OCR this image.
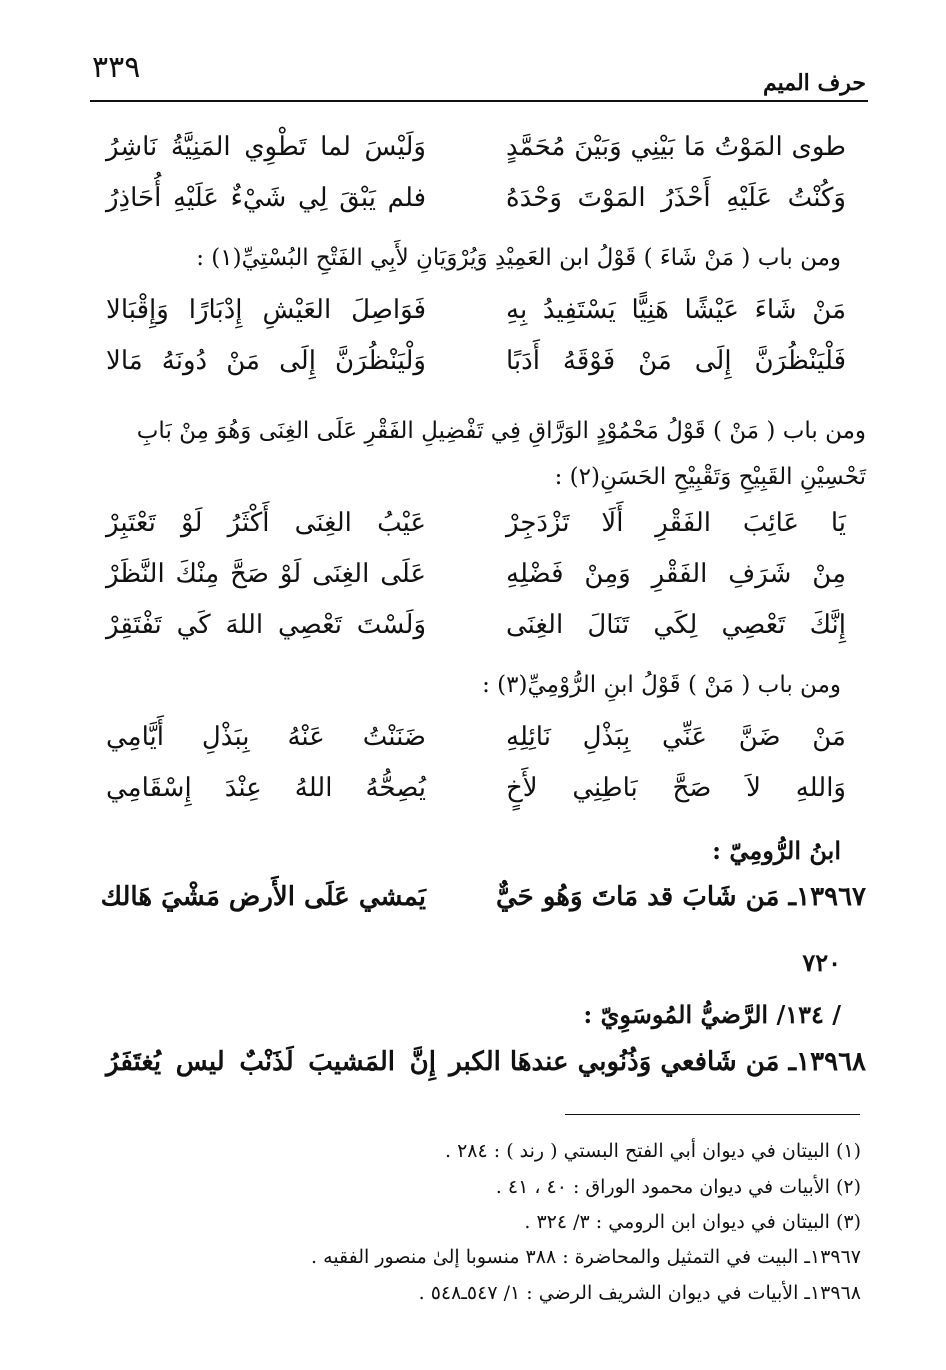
٣٣٩	حرف الميم
طوى المَوْتُ مَا بَيْنِي وَبَيْنَ مُحَمَّدٍ
وَلَيْسَ لما تَطْوِي المَنِيَّةُ نَاشِرُ
وَكُنْتُ عَلَيْهِ أَحْذَرُ المَوْتَ وَحْدَهُ
فلم يَبْقَ لِي شَيْءٌ عَلَيْهِ أُحَاذِرُ
ومن باب ( مَنْ شَاءَ ) قَوْلُ ابن العَمِيْدِ وَيُرْوَيَانِ لأَبِي الفَتْحِ البُسْتِيِّ(١) :
مَنْ شَاءَ عَيْشًا هَنِيًّا يَسْتَفِيدُ بِهِ
فَوَاصِلَ العَيْشِ إِدْبَارًا وَإِقْبَالا
فَلْيَنْظُرَنَّ إِلَى مَنْ فَوْقَهُ أَدَبًا
وَلْيَنْظُرَنَّ إِلَى مَنْ دُونَهُ مَالا
ومن باب ( مَنْ ) قَوْلُ مَحْمُوْدٍ الوَرَّاقِ فِي تَفْضِيلِ الفَقْرِ عَلَى الغِنَى وَهُوَ مِنْ بَابِ تَحْسِيْنِ القَبِيْحِ وَتَقْبِيْحِ الحَسَنِ(٢) :
يَا عَائِبَ الفَقْرِ أَلَا تَزْدَجِرْ
عَيْبُ الغِنَى أَكْثَرُ لَوْ تَعْتَبِرْ
مِنْ شَرَفِ الفَقْرِ وَمِنْ فَضْلِهِ
عَلَى الغِنَى لَوْ صَحَّ مِنْكَ النَّظَرْ
إِنَّكَ تَعْصِي لِكَي تَنَالَ الغِنَى
وَلَسْتَ تَعْصِي اللهَ كَي تَفْتَقِرْ
ومن باب ( مَنْ ) قَوْلُ ابنِ الرُّوْمِيِّ(٣) :
مَنْ ضَنَّ عَنِّي بِبَذْلِ نَائِلِهِ
ضَنَنْتُ عَنْهُ بِبَذْلِ أَيَّامِي
وَاللهِ لاَ صَحَّ بَاطِنِي لأَخٍ
يُصِحُّهُ اللهُ عِنْدَ إِسْقَامِي
ابنُ الرُّومِيّ :
١٣٩٦٧ـ مَن شَابَ قد مَاتَ وَهُو حَيٌّ
يَمشي عَلَى الأَرض مَشْيَ هَالك
٧٢٠
/ ١٣٤/ الرَّضيُّ المُوسَوِيّ :
١٣٩٦٨ـ مَن شَافعي وَذُنُوبي عندهَا الكبر
إِنَّ المَشيبَ لَذَنْبٌ ليس يُغتَفَرُ
(١) البيتان في ديوان أبي الفتح البستي ( رند ) : ٢٨٤ .
(٢) الأبيات في ديوان محمود الوراق : ٤٠ ، ٤١ .
(٣) البيتان في ديوان ابن الرومي : ٣/ ٣٢٤ .
١٣٩٦٧ـ البيت في التمثيل والمحاضرة : ٣٨٨ منسوبا إلىٰ منصور الفقيه .
١٣٩٦٨ـ الأبيات في ديوان الشريف الرضي : ١/ ٥٤٧ـ٥٤٨ .
